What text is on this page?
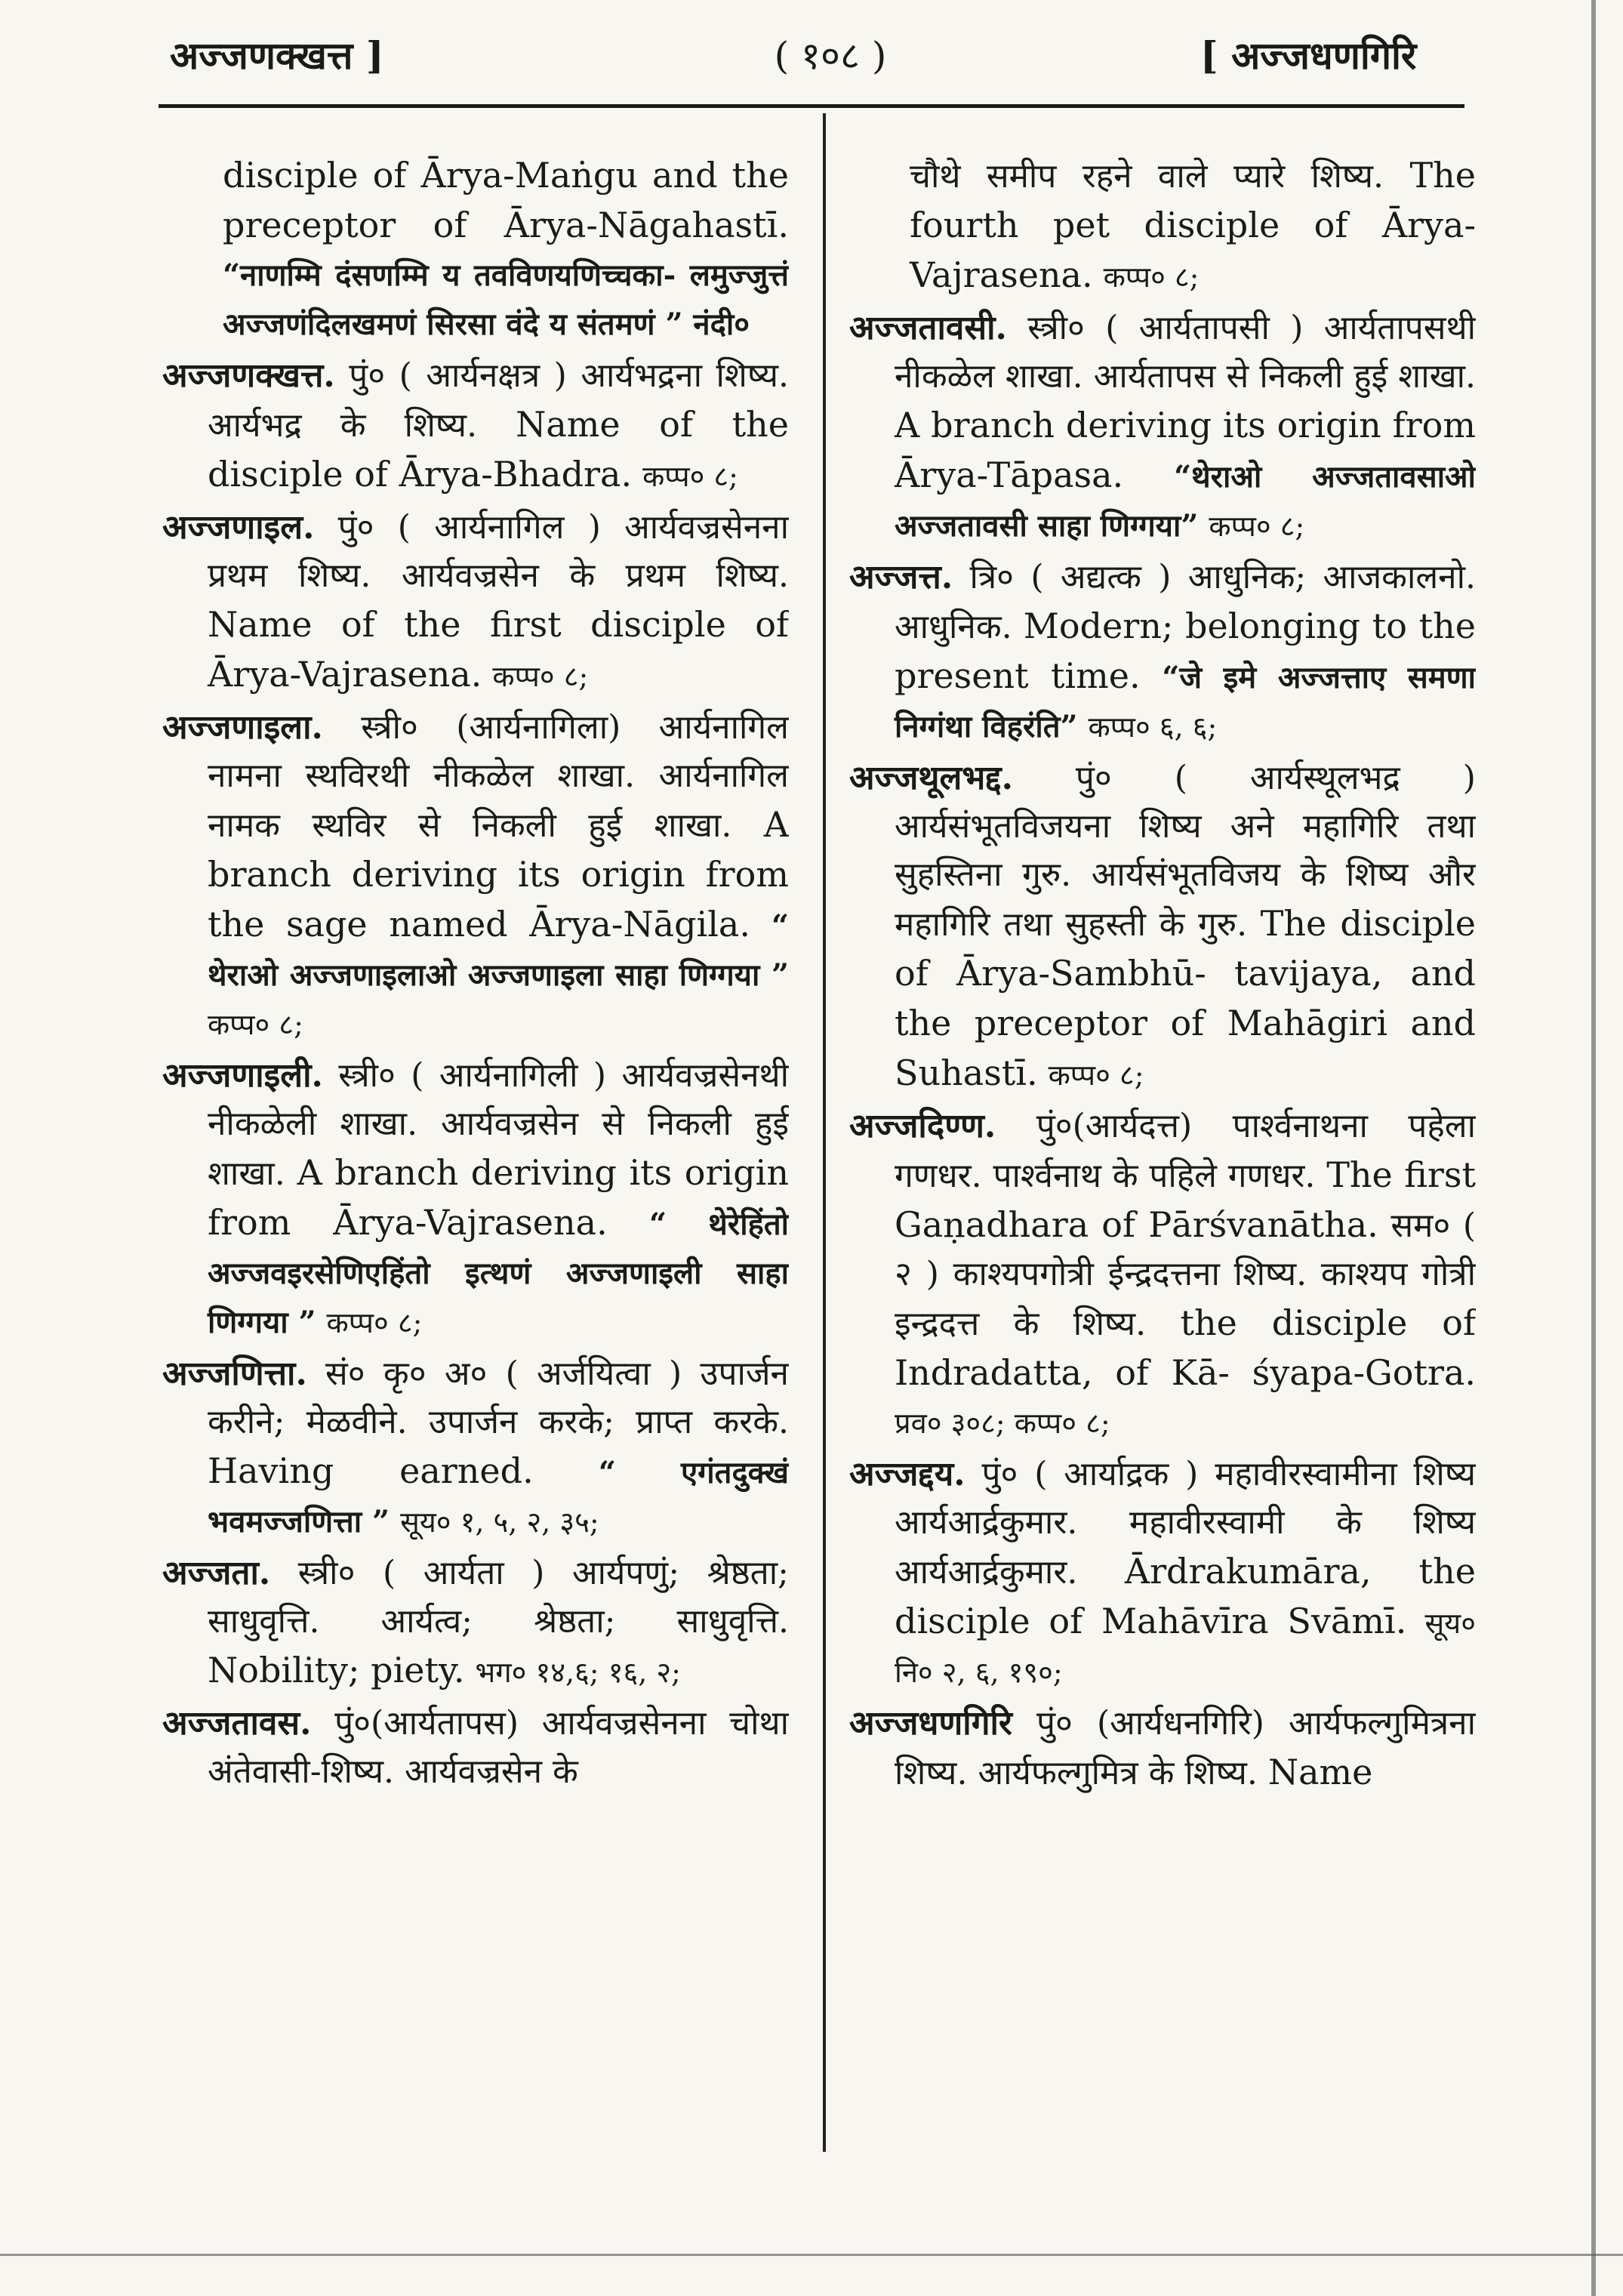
अज्जणक्खत्त ]	( १०८ )	[ अज्जधणगिरि

disciple of Ārya-Maṅgu and the preceptor of Ārya-Nāgahastī. “नाणम्मि दंसणम्मि य तवविणयणिच्चका- लमुज्जुत्तं अज्जणंदिलखमणं सिरसा वंदे य संतमणं ” नंदी०

अज्जणक्खत्त. पुं० ( आर्यनक्षत्र ) आर्यभद्रना शिष्य. आर्यभद्र के शिष्य. Name of the disciple of Ārya-Bhadra. कप्प० ८;

अज्जणाइल. पुं० ( आर्यनागिल ) आर्यवज्रसेनना प्रथम शिष्य. आर्यवज्रसेन के प्रथम शिष्य. Name of the first disciple of Ārya-Vajrasena. कप्प० ८;

अज्जणाइला. स्त्री० (आर्यनागिला) आर्यनागिल नामना स्थविरथी नीकळेल शाखा. आर्यनागिल नामक स्थविर से निकली हुई शाखा. A branch deriving its origin from the sage named Ārya-Nāgila. “ थेराओ अज्जणाइलाओ अज्जणाइला साहा णिग्गया ” कप्प० ८;

अज्जणाइली. स्त्री० ( आर्यनागिली ) आर्यवज्रसेनथी नीकळेली शाखा. आर्यवज्रसेन से निकली हुई शाखा. A branch deriving its origin from Ārya-Vajrasena. “ थेरेहिंतो अज्जवइरसेणिएहिंतो इत्थणं अज्जणाइली साहा णिग्गया ” कप्प० ८;

अज्जणित्ता. सं० कृ० अ० ( अर्जयित्वा ) उपार्जन करीने; मेळवीने. उपार्जन करके; प्राप्त करके. Having earned. “ एगंतदुक्खं भवमज्जणित्ता ” सूय० १, ५, २, ३५;

अज्जता. स्त्री० ( आर्यता ) आर्यपणुं; श्रेष्ठता; साधुवृत्ति. आर्यत्व; श्रेष्ठता; साधुवृत्ति. Nobility; piety. भग० १४,६; १६, २;

अज्जतावस. पुं०(आर्यतापस) आर्यवज्रसेनना चोथा अंतेवासी-शिष्य. आर्यवज्रसेन के

चौथे समीप रहने वाले प्यारे शिष्य. The fourth pet disciple of Ārya-Vajrasena. कप्प० ८;

अज्जतावसी. स्त्री० ( आर्यतापसी ) आर्यतापसथी नीकळेल शाखा. आर्यतापस से निकली हुई शाखा. A branch deriving its origin from Ārya-Tāpasa. “थेराओ अज्जतावसाओ अज्जतावसी साहा णिग्गया” कप्प० ८;

अज्जत्त. त्रि० ( अद्यत्क ) आधुनिक; आजकालनो. आधुनिक. Modern; belonging to the present time. “जे इमे अज्जत्ताए समणा निग्गंथा विहरंति” कप्प० ६, ६;

अज्जथूलभद्द. पुं० ( आर्यस्थूलभद्र ) आर्यसंभूतविजयना शिष्य अने महागिरि तथा सुहस्तिना गुरु. आर्यसंभूतविजय के शिष्य और महागिरि तथा सुहस्ती के गुरु. The disciple of Ārya-Sambhū- tavijaya, and the preceptor of Mahāgiri and Suhastī. कप्प० ८;

अज्जदिण्ण. पुं०(आर्यदत्त) पार्श्वनाथना पहेला गणधर. पार्श्वनाथ के पहिले गणधर. The first Gaṇadhara of Pārśvanātha. सम० ( २ ) काश्यपगोत्री ईन्द्रदत्तना शिष्य. काश्यप गोत्री इन्द्रदत्त के शिष्य. the disciple of Indradatta, of Kā- śyapa-Gotra. प्रव० ३०८; कप्प० ८;

अज्जद्दय. पुं० ( आर्याद्रक ) महावीरस्वामीना शिष्य आर्यआर्द्रकुमार. महावीरस्वामी के शिष्य आर्यआर्द्रकुमार. Ārdrakumāra, the disciple of Mahāvīra Svāmī. सूय० नि० २, ६, १९०;

अज्जधणगिरि पुं० (आर्यधनगिरि) आर्यफल्गुमित्रना शिष्य. आर्यफल्गुमित्र के शिष्य. Name
